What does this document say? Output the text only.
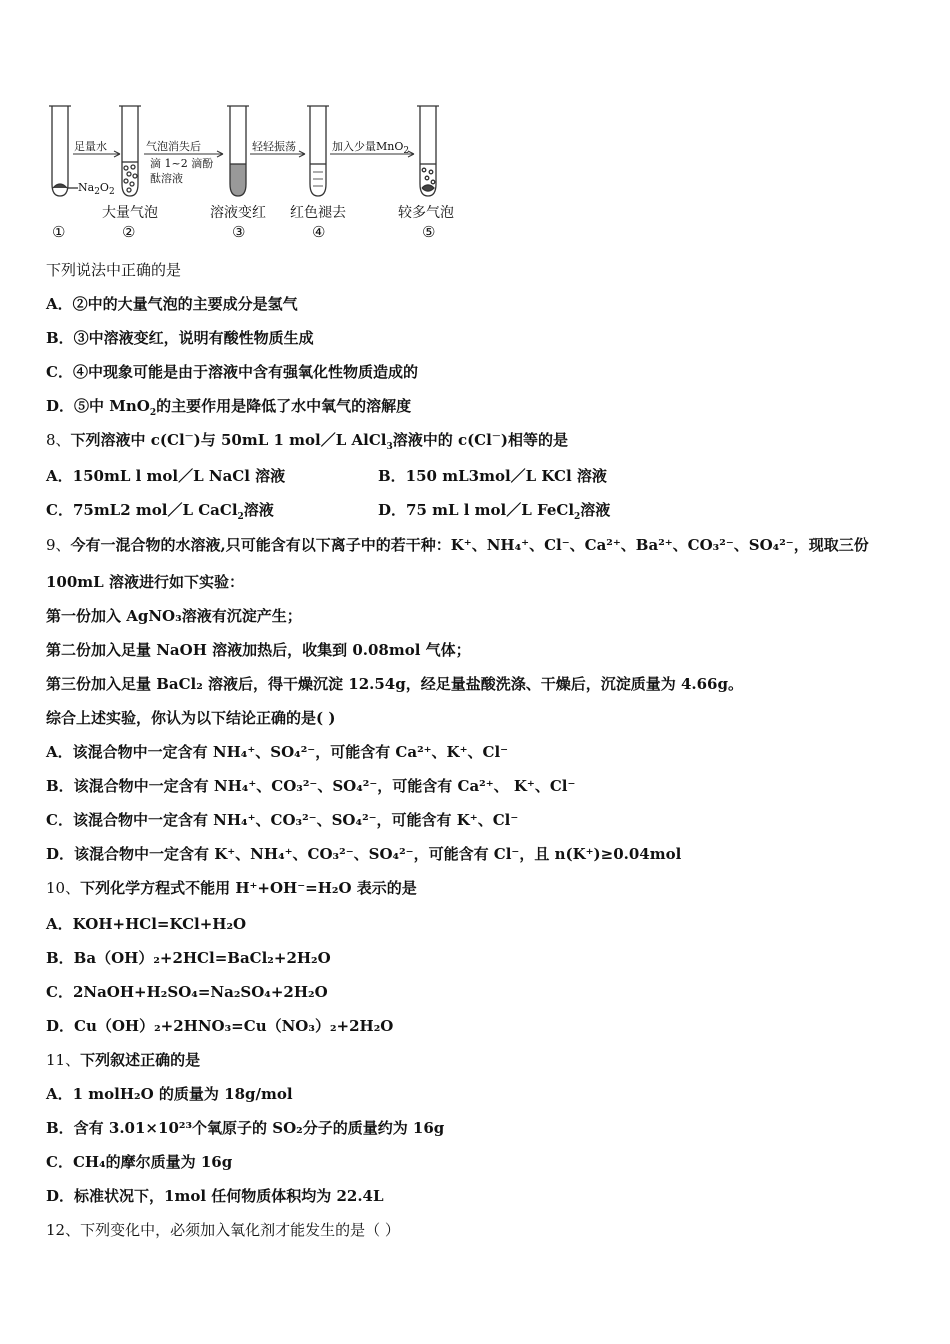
足量水	气泡消失后
滴 1~2 滴酚
酞溶液
轻轻振荡	加入少量MnO$_2$
$Na_2O_2$
大量气泡	溶液变红 红色褪去	较多气泡
①	②	③	④	⑤
下列说法中正确的是
A．②中的大量气泡的主要成分是氢气
B．③中溶液变红，说明有酸性物质生成
C．④中现象可能是由于溶液中含有强氧化性物质造成的
D．⑤中 MnO$_2$的主要作用是降低了水中氧气的溶解度
8、下列溶液中 c(Cl－)与 50mL 1 mol／L AlCl$_3$溶液中的 c(Cl－)相等的是
A．150mL l mol／L NaCl 溶液	B．150 mL3mol／L KCl 溶液
C．75mL2 mol／L CaCl$_2$溶液	D．75 mL l mol／L FeCl$_2$溶液
9、今有一混合物的水溶液,只可能含有以下离子中的若干种：K⁺、NH₄⁺、Cl⁻、Ca²⁺、Ba²⁺、CO₃²⁻、SO₄²⁻，现取三份
100mL 溶液进行如下实验：
第一份加入 AgNO₃溶液有沉淀产生；
第二份加入足量 NaOH 溶液加热后，收集到 0.08mol 气体；
第三份加入足量 BaCl₂ 溶液后，得干燥沉淀 12.54g，经足量盐酸洗涤、干燥后，沉淀质量为 4.66g。
综合上述实验，你认为以下结论正确的是( )
A．该混合物中一定含有 NH₄⁺、SO₄²⁻，可能含有 Ca²⁺、K⁺、Cl⁻
B．该混合物中一定含有 NH₄⁺、CO₃²⁻、SO₄²⁻，可能含有 Ca²⁺、 K⁺、Cl⁻
C．该混合物中一定含有 NH₄⁺、CO₃²⁻、SO₄²⁻，可能含有 K⁺、Cl⁻
D．该混合物中一定含有 K⁺、NH₄⁺、CO₃²⁻、SO₄²⁻，可能含有 Cl⁻，且 n(K⁺)≥0.04mol
10、下列化学方程式不能用 H⁺+OH⁻=H₂O 表示的是
A．KOH+HCl=KCl+H₂O
B．Ba（OH）₂+2HCl=BaCl₂+2H₂O
C．2NaOH+H₂SO₄=Na₂SO₄+2H₂O
D．Cu（OH）₂+2HNO₃=Cu（NO₃）₂+2H₂O
11、下列叙述正确的是
A．1 molH₂O 的质量为 18g/mol
B．含有 3.01×10²³个氧原子的 SO₂分子的质量约为 16g
C．CH₄的摩尔质量为 16g
D．标准状况下，1mol 任何物质体积均为 22.4L
12、下列变化中，必须加入氧化剂才能发生的是（ ）
